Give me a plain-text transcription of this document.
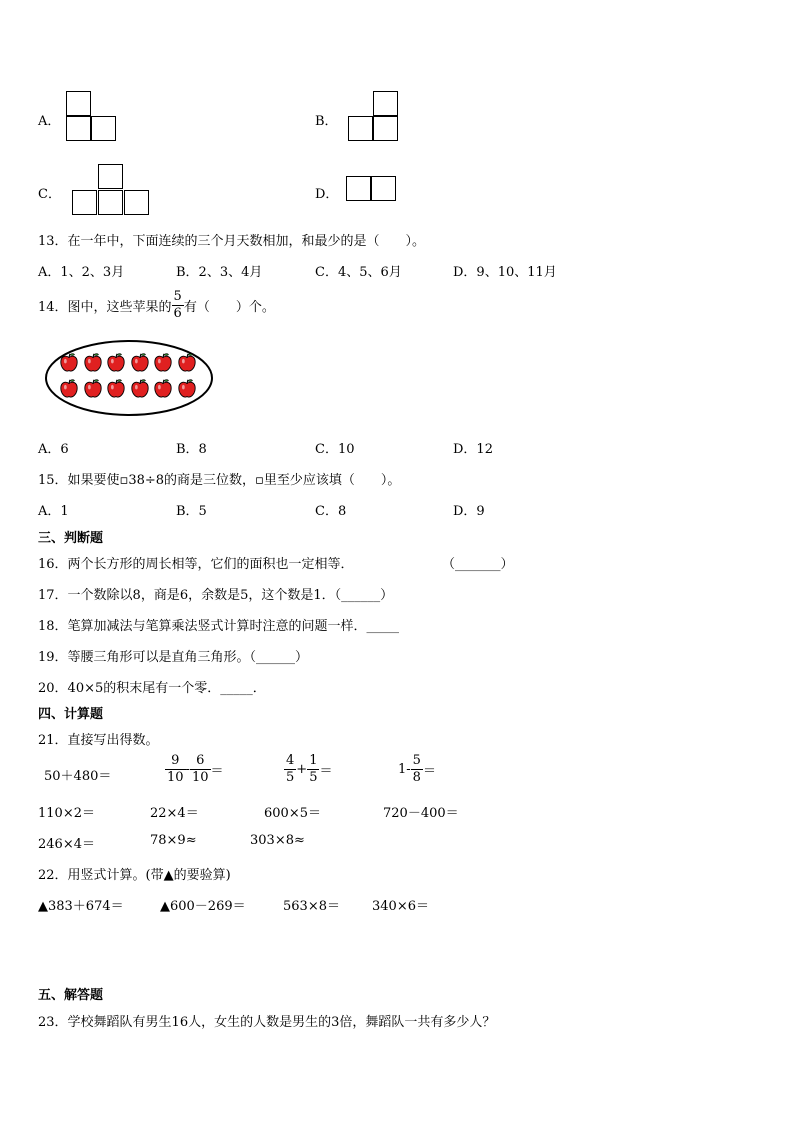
A．	B．
C．	D．
13．在一年中，下面连续的三个月天数相加，和最少的是（　　）。
A．1、2、3月	B．2、3、4月	C．4、5、6月	D．9、10、11月
14．图中，这些苹果的 $\frac{5}{6}$ 有（　　）个。
A．6	B．8	C．10	D．12
15．如果要使▫38÷8的商是三位数，▫里至少应该填（　　）。
A．1	B．5	C．8	D．9
三、判断题
16．两个长方形的周长相等，它们的面积也一定相等．	（_______）
17．一个数除以8，商是6，余数是5，这个数是1．（______）
18．笔算加减法与笔算乘法竖式计算时注意的问题一样．_____
19．等腰三角形可以是直角三角形。（______）
20．40×5的积末尾有一个零．_____．
四、计算题
21．直接写出得数。
50＋480＝	$\frac{9}{10} - \frac{6}{10}$ ＝	$\frac{4}{5} + \frac{1}{5}$ ＝	$1- \frac{5}{8}$ ＝
110×2＝	22×4＝	600×5＝	720－400＝
246×4＝	78×9≈	303×8≈
22．用竖式计算。(带▲的要验算)
▲383＋674＝	▲600－269＝	563×8＝ 340×6＝
五、解答题
23．学校舞蹈队有男生16人，女生的人数是男生的3倍，舞蹈队一共有多少人？
